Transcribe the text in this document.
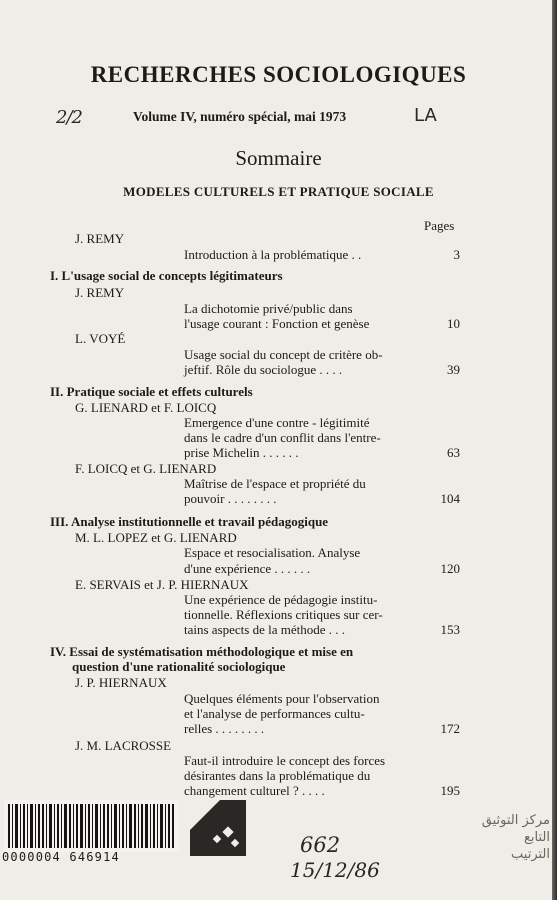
RECHERCHES SOCIOLOGIQUES
2/2	Volume IV, numéro spécial, mai 1973	LA
Sommaire
MODELES CULTURELS ET PRATIQUE SOCIALE
Pages
J. REMY
Introduction à la problématique . .	3
I. L'usage social de concepts légitimateurs
J. REMY
La dichotomie privé/public dans
l'usage courant : Fonction et genèse	10
L. VOYÉ
Usage social du concept de critère ob-
jeftif. Rôle du sociologue . . . .	39
II. Pratique sociale et effets culturels
G. LIENARD et F. LOICQ
Emergence d'une contre - légitimité
dans le cadre d'un conflit dans l'entre-
prise Michelin . . . . . .	63
F. LOICQ et G. LIENARD
Maîtrise de l'espace et propriété du
pouvoir . . . . . . . .	104
III. Analyse institutionnelle et travail pédagogique
M. L. LOPEZ et G. LIENARD
Espace et resocialisation. Analyse
d'une expérience . . . . . .	120
E. SERVAIS et J. P. HIERNAUX
Une expérience de pédagogie institu-
tionnelle. Réflexions critiques sur cer-
tains aspects de la méthode . . .	153
IV. Essai de systématisation méthodologique et mise en
question d'une rationalité sociologique
J. P. HIERNAUX
Quelques éléments pour l'observation
et l'analyse de performances cultu-
relles . . . . . . . .	172
J. M. LACROSSE
Faut-il introduire le concept des forces
désirantes dans la problématique du
changement culturel ? . . . .	195
0000004 646914	662
15/12/86
مركز التوثيق
التابع
الترتيب
